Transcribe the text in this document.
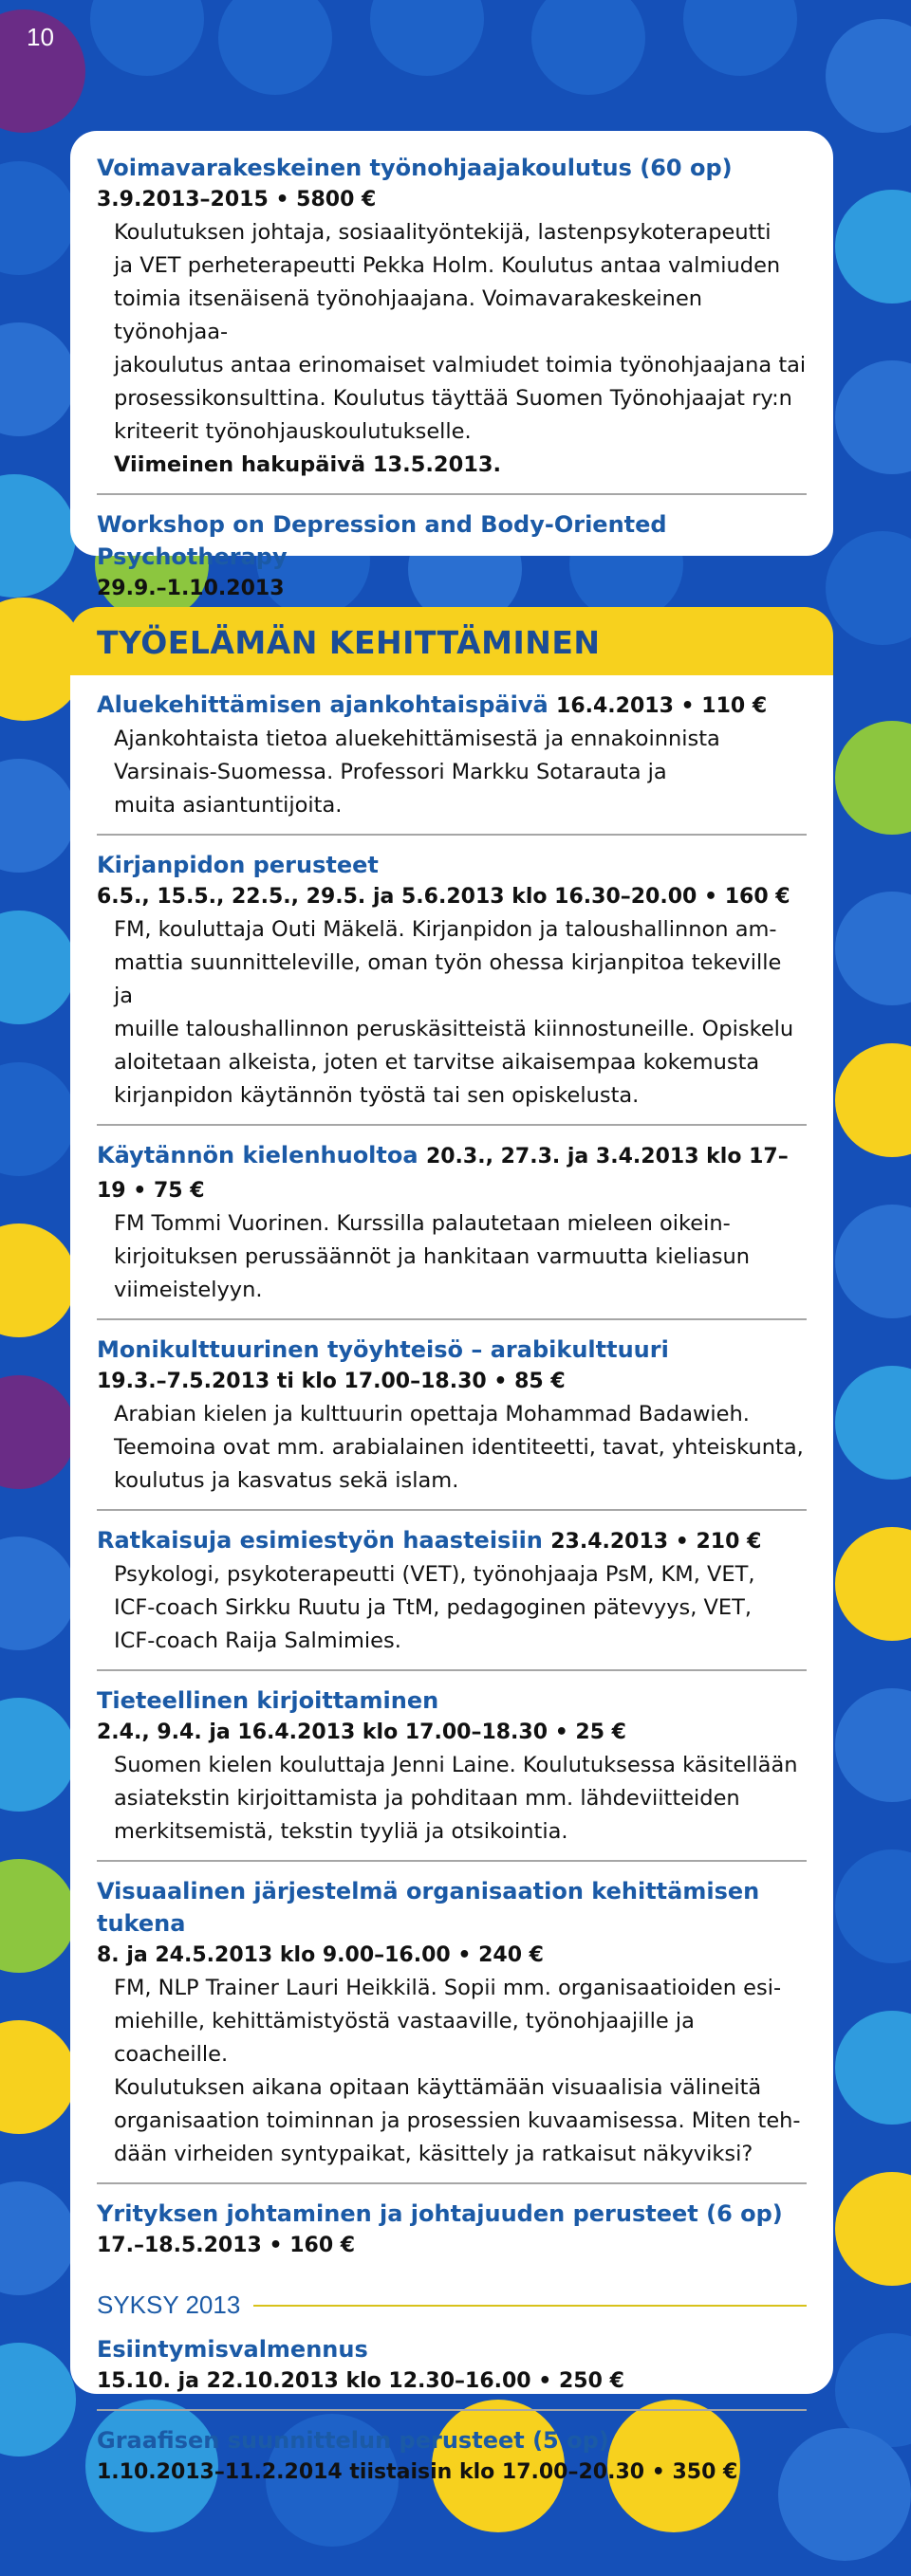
10
Voimavarakeskeinen työnohjaajakoulutus (60 op)
3.9.2013–2015 • 5800 €
Koulutuksen johtaja, sosiaalityöntekijä, lastenpsykoterapeutti
ja VET perheterapeutti Pekka Holm. Koulutus antaa valmiuden
toimia itsenäisenä työnohjaajana. Voimavarakeskeinen työnohjaa-
jakoulutus antaa erinomaiset valmiudet toimia työnohjaajana tai
prosessikonsulttina. Koulutus täyttää Suomen Työnohjaajat ry:n
kriteerit työnohjauskoulutukselle.
Viimeinen hakupäivä 13.5.2013.
Workshop on Depression and Body-Oriented Psychotherapy
29.9.–1.10.2013
TYÖELÄMÄN KEHITTÄMINEN
Aluekehittämisen ajankohtaispäivä 16.4.2013 • 110 €
Ajankohtaista tietoa aluekehittämisestä ja ennakoinnista
Varsinais-Suomessa. Professori Markku Sotarauta ja
muita asiantuntijoita.
Kirjanpidon perusteet
6.5., 15.5., 22.5., 29.5. ja 5.6.2013 klo 16.30–20.00 • 160 €
FM, kouluttaja Outi Mäkelä. Kirjanpidon ja taloushallinnon am-
mattia suunnitteleville, oman työn ohessa kirjanpitoa tekeville ja
muille taloushallinnon peruskäsitteistä kiinnostuneille. Opiskelu
aloitetaan alkeista, joten et tarvitse aikaisempaa kokemusta
kirjanpidon käytännön työstä tai sen opiskelusta.
Käytännön kielenhuoltoa 20.3., 27.3. ja 3.4.2013 klo 17–19 • 75 €
FM Tommi Vuorinen. Kurssilla palautetaan mieleen oikein-
kirjoituksen perussäännöt ja hankitaan varmuutta kieliasun
viimeistelyyn.
Monikulttuurinen työyhteisö – arabikulttuuri
19.3.–7.5.2013 ti klo 17.00–18.30 • 85 €
Arabian kielen ja kulttuurin opettaja Mohammad Badawieh.
Teemoina ovat mm. arabialainen identiteetti, tavat, yhteiskunta,
koulutus ja kasvatus sekä islam.
Ratkaisuja esimiestyön haasteisiin 23.4.2013 • 210 €
Psykologi, psykoterapeutti (VET), työnohjaaja PsM, KM, VET,
ICF-coach Sirkku Ruutu ja TtM, pedagoginen pätevyys, VET,
ICF-coach Raija Salmimies.
Tieteellinen kirjoittaminen
2.4., 9.4. ja 16.4.2013 klo 17.00–18.30 • 25 €
Suomen kielen kouluttaja Jenni Laine. Koulutuksessa käsitellään
asiatekstin kirjoittamista ja pohditaan mm. lähdeviitteiden
merkitsemistä, tekstin tyyliä ja otsikointia.
Visuaalinen järjestelmä organisaation kehittämisen tukena
8. ja 24.5.2013 klo 9.00–16.00 • 240 €
FM, NLP Trainer Lauri Heikkilä. Sopii mm. organisaatioiden esi-
miehille, kehittämistyöstä vastaaville, työnohjaajille ja coacheille.
Koulutuksen aikana opitaan käyttämään visuaalisia välineitä
organisaation toiminnan ja prosessien kuvaamisessa. Miten teh-
dään virheiden syntypaikat, käsittely ja ratkaisut näkyviksi?
Yrityksen johtaminen ja johtajuuden perusteet (6 op)
17.–18.5.2013 • 160 €
SYKSY 2013
Esiintymisvalmennus
15.10. ja 22.10.2013 klo 12.30–16.00 • 250 €
Graafisen suunnittelun perusteet (5 op)
1.10.2013–11.2.2014 tiistaisin klo 17.00–20.30 • 350 €
